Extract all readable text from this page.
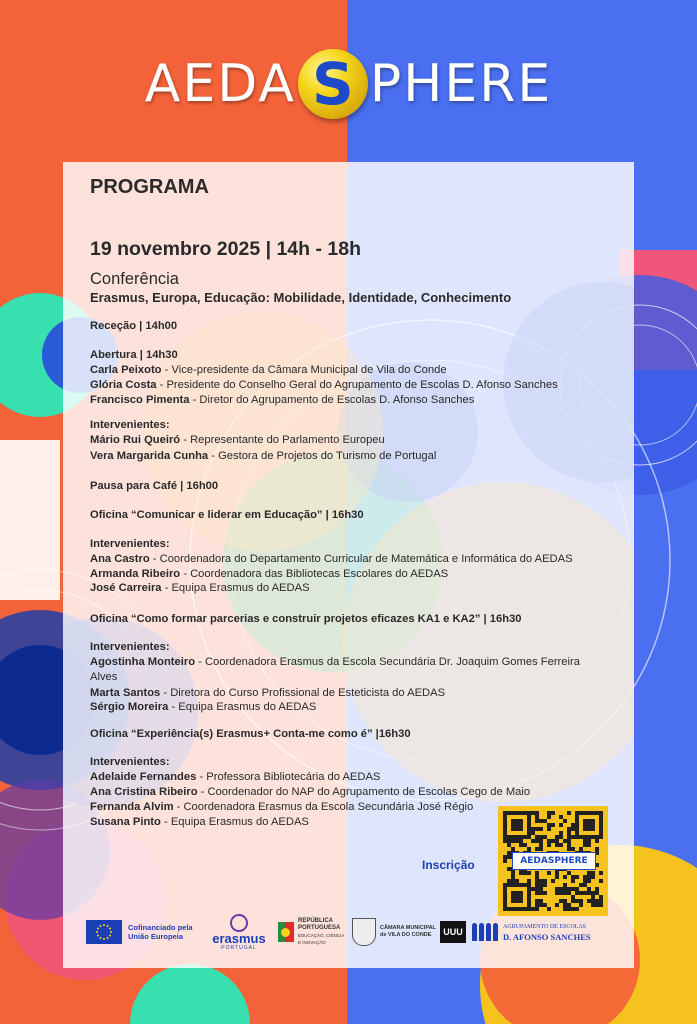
AEDA S PHERE
PROGRAMA
19 novembro 2025 | 14h - 18h
Conferência
Erasmus, Europa, Educação: Mobilidade, Identidade, Conhecimento
Receção | 14h00
Abertura | 14h30
Carla Peixoto - Vice-presidente da Câmara Municipal de Vila do Conde
Glória Costa - Presidente do Conselho Geral do Agrupamento de Escolas D. Afonso Sanches
Francisco Pimenta - Diretor do Agrupamento de Escolas D. Afonso Sanches
Intervenientes:
Mário Rui Queiró - Representante do Parlamento Europeu
Vera Margarida Cunha - Gestora de Projetos do Turismo de Portugal
Pausa para Café | 16h00
Oficina “Comunicar e liderar em Educação” | 16h30
Intervenientes:
Ana Castro - Coordenadora do Departamento Curricular de Matemática e Informática do AEDAS
Armanda Ribeiro - Coordenadora das Bibliotecas Escolares do AEDAS
José Carreira - Equipa Erasmus do AEDAS
Oficina “Como formar parcerias e construir projetos eficazes KA1 e KA2” | 16h30
Intervenientes:
Agostinha Monteiro - Coordenadora Erasmus da Escola Secundária Dr. Joaquim Gomes Ferreira
Alves
Marta Santos - Diretora do Curso Profissional de Esteticista do AEDAS
Sérgio Moreira - Equipa Erasmus do AEDAS
Oficina “Experiência(s) Erasmus+ Conta-me como é” |16h30
Intervenientes:
Adelaide Fernandes - Professora Bibliotecária do AEDAS
Ana Cristina Ribeiro - Coordenador do NAP do Agrupamento de Escolas Cego de Maio
Fernanda Alvim - Coordenadora Erasmus da Escola Secundária José Régio
Susana Pinto - Equipa Erasmus do AEDAS
Inscrição	AEDASPHERE
Cofinanciado pela
União Europeia	erasmus
PORTUGAL
REPÚBLICA
PORTUGUESA
EDUCAÇÃO, CIÊNCIA
E INOVAÇÃO
CÂMARA MUNICIPAL
de VILA DO CONDE	UUU	AGRUPAMENTO DE ESCOLAS
D. AFONSO SANCHES
